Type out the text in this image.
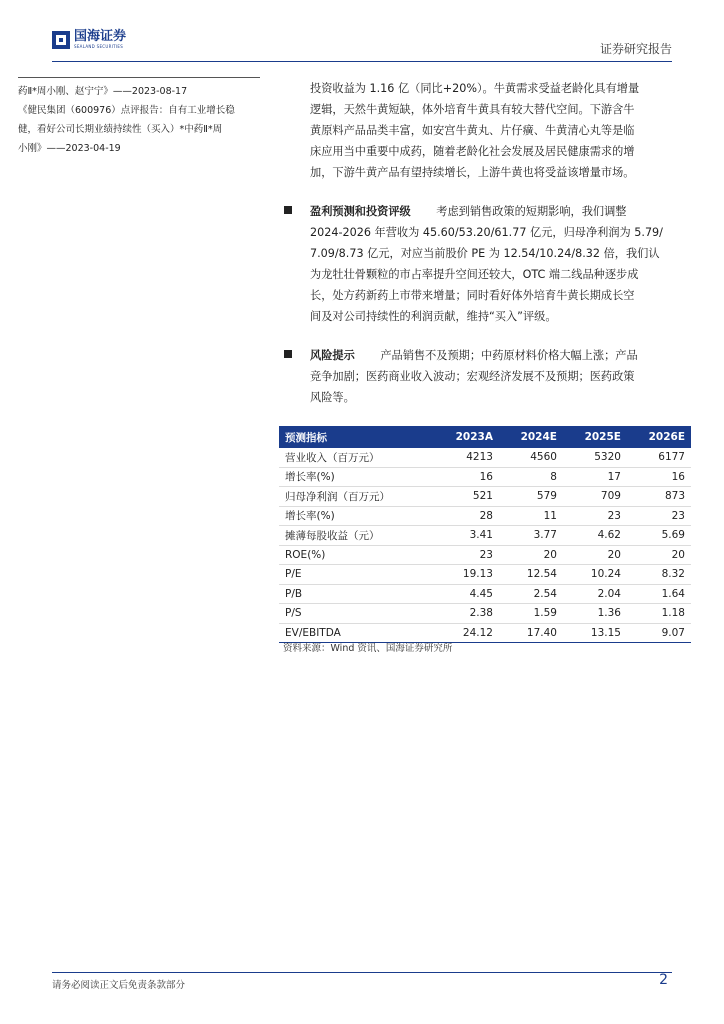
国海证券
SEALAND SECURITIES	证券研究报告

药Ⅱ*周小刚、赵宁宁》——2023-08-17

《健民集团（600976）点评报告：自有工业增长稳

健，看好公司长期业绩持续性（买入）*中药Ⅱ*周

小刚》——2023-04-19

投资收益为 1.16 亿（同比+20%）。牛黄需求受益老龄化具有增量

逻辑，天然牛黄短缺，体外培育牛黄具有较大替代空间。下游含牛

黄原料产品品类丰富，如安宫牛黄丸、片仔癀、牛黄清心丸等是临

床应用当中重要中成药，随着老龄化社会发展及居民健康需求的增

加，下游牛黄产品有望持续增长，上游牛黄也将受益该增量市场。

盈利预测和投资评级 考虑到销售政策的短期影响，我们调整

2024-2026 年营收为 45.60/53.20/61.77 亿元，归母净利润为 5.79/

7.09/8.73 亿元，对应当前股价 PE 为 12.54/10.24/8.32 倍，我们认

为龙牡壮骨颗粒的市占率提升空间还较大，OTC 端二线品种逐步成

长，处方药新药上市带来增量；同时看好体外培育牛黄长期成长空

间及对公司持续性的利润贡献，维持“买入”评级。

风险提示 产品销售不及预期；中药原材料价格大幅上涨；产品

竞争加剧；医药商业收入波动；宏观经济发展不及预期；医药政策

风险等。

预测指标	2023A	2024E	2025E	2026E
营业收入（百万元）	4213	4560	5320	6177
增长率(%)	16	8	17	16
归母净利润（百万元）	521	579	709	873
增长率(%)	28	11	23	23
摊薄每股收益（元）	3.41	3.77	4.62	5.69
ROE(%)	23	20	20	20
P/E	19.13	12.54	10.24	8.32
P/B	4.45	2.54	2.04	1.64
P/S	2.38	1.59	1.36	1.18
EV/EBITDA	24.12	17.40	13.15	9.07
资料来源：Wind 资讯、国海证券研究所
请务必阅读正文后免责条款部分	2
